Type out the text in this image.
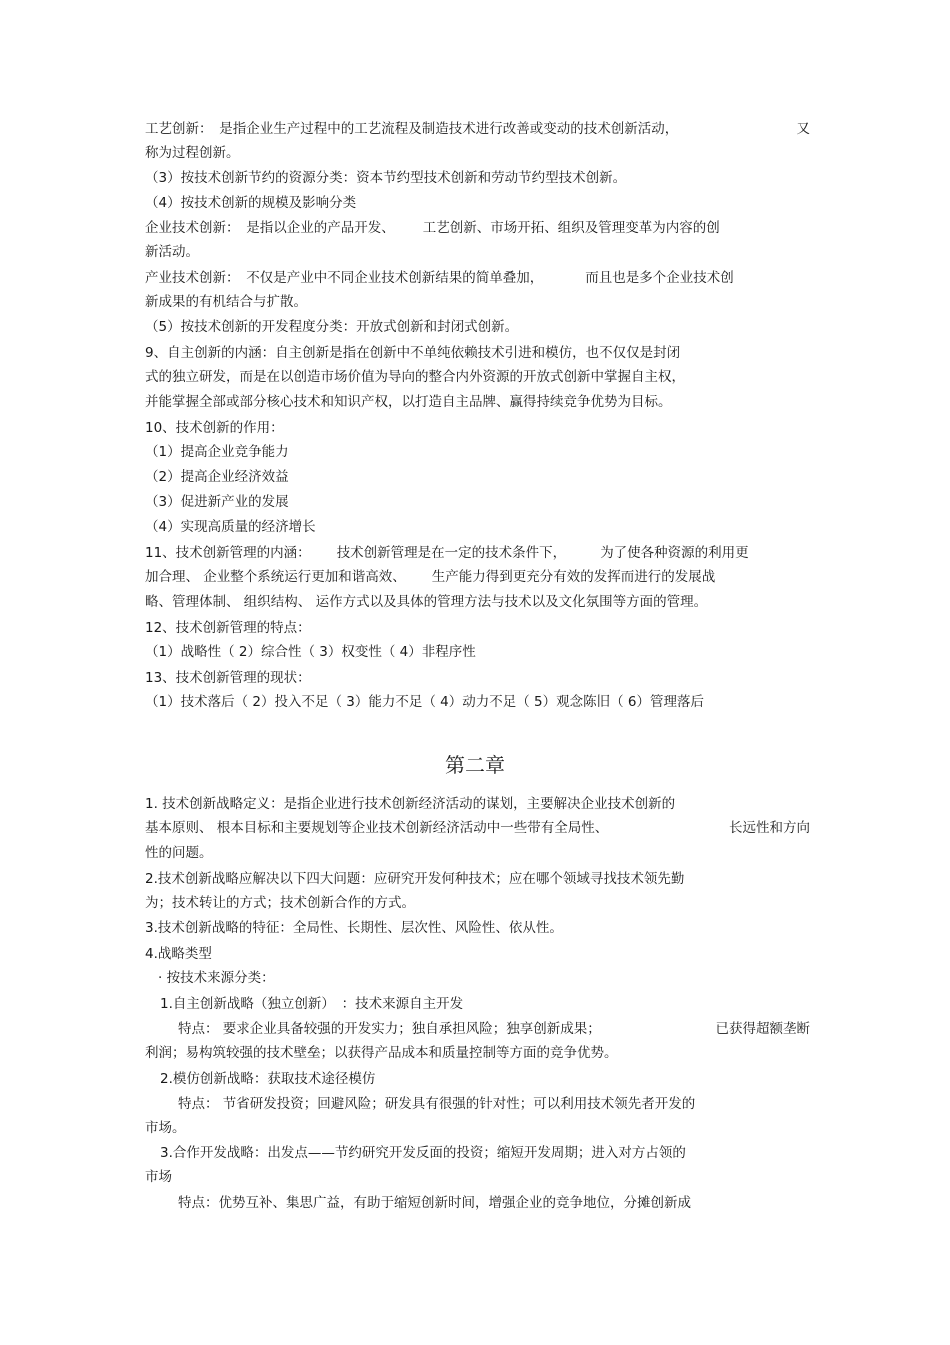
工艺创新：　是指企业生产过程中的工艺流程及制造技术进行改善或变动的技术创新活动，	又
称为过程创新。
（3）按技术创新节约的资源分类：资本节约型技术创新和劳动节约型技术创新。
（4）按技术创新的规模及影响分类
企业技术创新：　是指以企业的产品开发、 工艺创新、市场开拓、组织及管理变革为内容的创
新活动。
产业技术创新：　不仅是产业中不同企业技术创新结果的简单叠加，	而且也是多个企业技术创
新成果的有机结合与扩散。
（5）按技术创新的开发程度分类：开放式创新和封闭式创新。
9、自主创新的内涵：自主创新是指在创新中不单纯依赖技术引进和模仿，也不仅仅是封闭
式的独立研发，而是在以创造市场价值为导向的整合内外资源的开放式创新中掌握自主权，
并能掌握全部或部分核心技术和知识产权，以打造自主品牌、赢得持续竞争优势为目标。
10、技术创新的作用：
（1）提高企业竞争能力
（2）提高企业经济效益
（3）促进新产业的发展
（4）实现高质量的经济增长
11、技术创新管理的内涵： 技术创新管理是在一定的技术条件下，	为了使各种资源的利用更
加合理、 企业整个系统运行更加和谐高效、 生产能力得到更充分有效的发挥而进行的发展战
略、管理体制、 组织结构、 运作方式以及具体的管理方法与技术以及文化氛围等方面的管理。
12、技术创新管理的特点：
（1）战略性（ 2）综合性（ 3）权变性（ 4）非程序性
13、技术创新管理的现状：
（1）技术落后（ 2）投入不足（ 3）能力不足（ 4）动力不足（ 5）观念陈旧（ 6）管理落后
第二章
1. 技术创新战略定义：是指企业进行技术创新经济活动的谋划，主要解决企业技术创新的
基本原则、 根本目标和主要规划等企业技术创新经济活动中一些带有全局性、	长远性和方向
性的问题。
2.技术创新战略应解决以下四大问题：应研究开发何种技术；应在哪个领域寻找技术领先勤
为；技术转让的方式；技术创新合作的方式。
3.技术创新战略的特征：全局性、长期性、层次性、风险性、依从性。
4.战略类型
· 按技术来源分类：
1.自主创新战略（独立创新）　：技术来源自主开发
特点： 要求企业具备较强的开发实力；独自承担风险；独享创新成果；	已获得超额垄断
利润；易构筑较强的技术壁垒；以获得产品成本和质量控制等方面的竞争优势。
2.模仿创新战略：获取技术途径模仿
特点： 节省研发投资；回避风险；研发具有很强的针对性；可以利用技术领先者开发的
市场。
3.合作开发战略：出发点——节约研究开发反面的投资；缩短开发周期；进入对方占领的
市场
特点：优势互补、集思广益，有助于缩短创新时间，增强企业的竞争地位，分摊创新成
